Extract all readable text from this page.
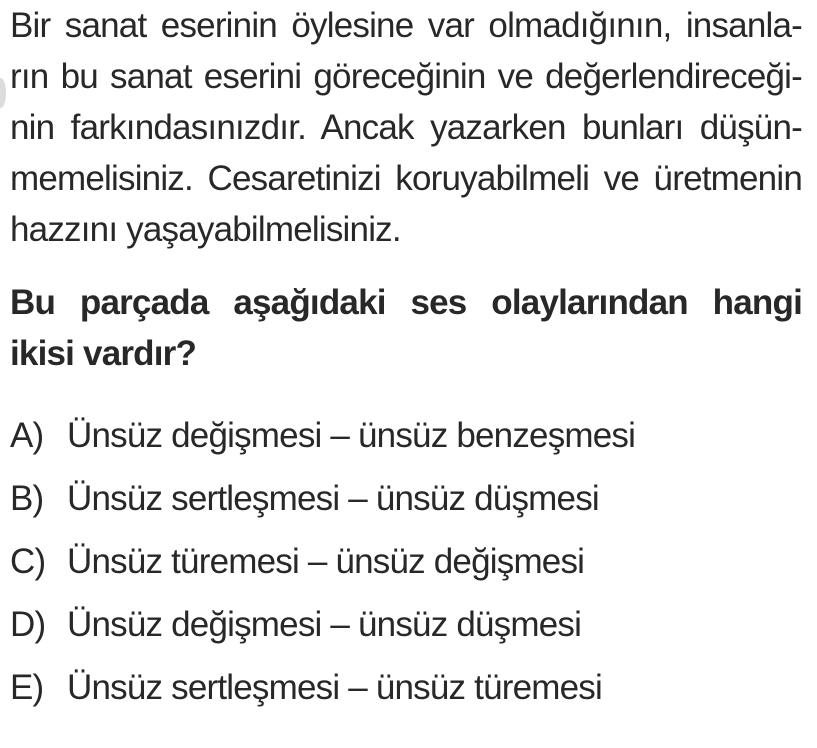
Bir sanat eserinin öylesine var olmadığının, insanla-
rın bu sanat eserini göreceğinin ve değerlendireceği-
nin farkındasınızdır. Ancak yazarken bunları düşün-
memelisiniz. Cesaretinizi koruyabilmeli ve üretmenin
hazzını yaşayabilmelisiniz.
Bu parçada aşağıdaki ses olaylarından hangi
ikisi vardır?
A) Ünsüz değişmesi – ünsüz benzeşmesi
B) Ünsüz sertleşmesi – ünsüz düşmesi
C) Ünsüz türemesi – ünsüz değişmesi
D) Ünsüz değişmesi – ünsüz düşmesi
E) Ünsüz sertleşmesi – ünsüz türemesi
